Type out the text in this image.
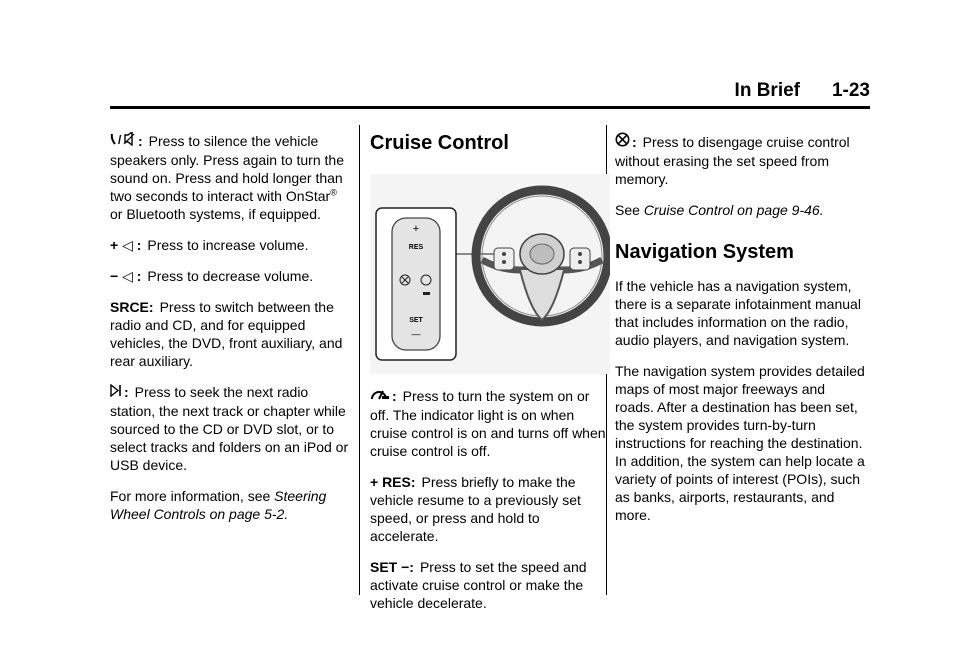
In Brief 1-23

/ : Press to silence the vehicle speakers only. Press again to turn the sound on. Press and hold longer than two seconds to interact with OnStar® or Bluetooth systems, if equipped.

+ ◁ : Press to increase volume.

− ◁ : Press to decrease volume.

SRCE: Press to switch between the radio and CD, and for equipped vehicles, the DVD, front auxiliary, and rear auxiliary.

: Press to seek the next radio station, the next track or chapter while sourced to the CD or DVD slot, or to select tracks and folders on an iPod or USB device.

For more information, see Steering Wheel Controls on page 5‑2.

Cruise Control
+
RES
SET
—

: Press to turn the system on or off. The indicator light is on when cruise control is on and turns off when cruise control is off.

+ RES: Press briefly to make the vehicle resume to a previously set speed, or press and hold to accelerate.

SET −: Press to set the speed and activate cruise control or make the vehicle decelerate.

: Press to disengage cruise control without erasing the set speed from memory.

See Cruise Control on page 9‑46.

Navigation System

If the vehicle has a navigation system, there is a separate infotainment manual that includes information on the radio, audio players, and navigation system.

The navigation system provides detailed maps of most major freeways and roads. After a destination has been set, the system provides turn-by-turn instructions for reaching the destination. In addition, the system can help locate a variety of points of interest (POIs), such as banks, airports, restaurants, and more.
